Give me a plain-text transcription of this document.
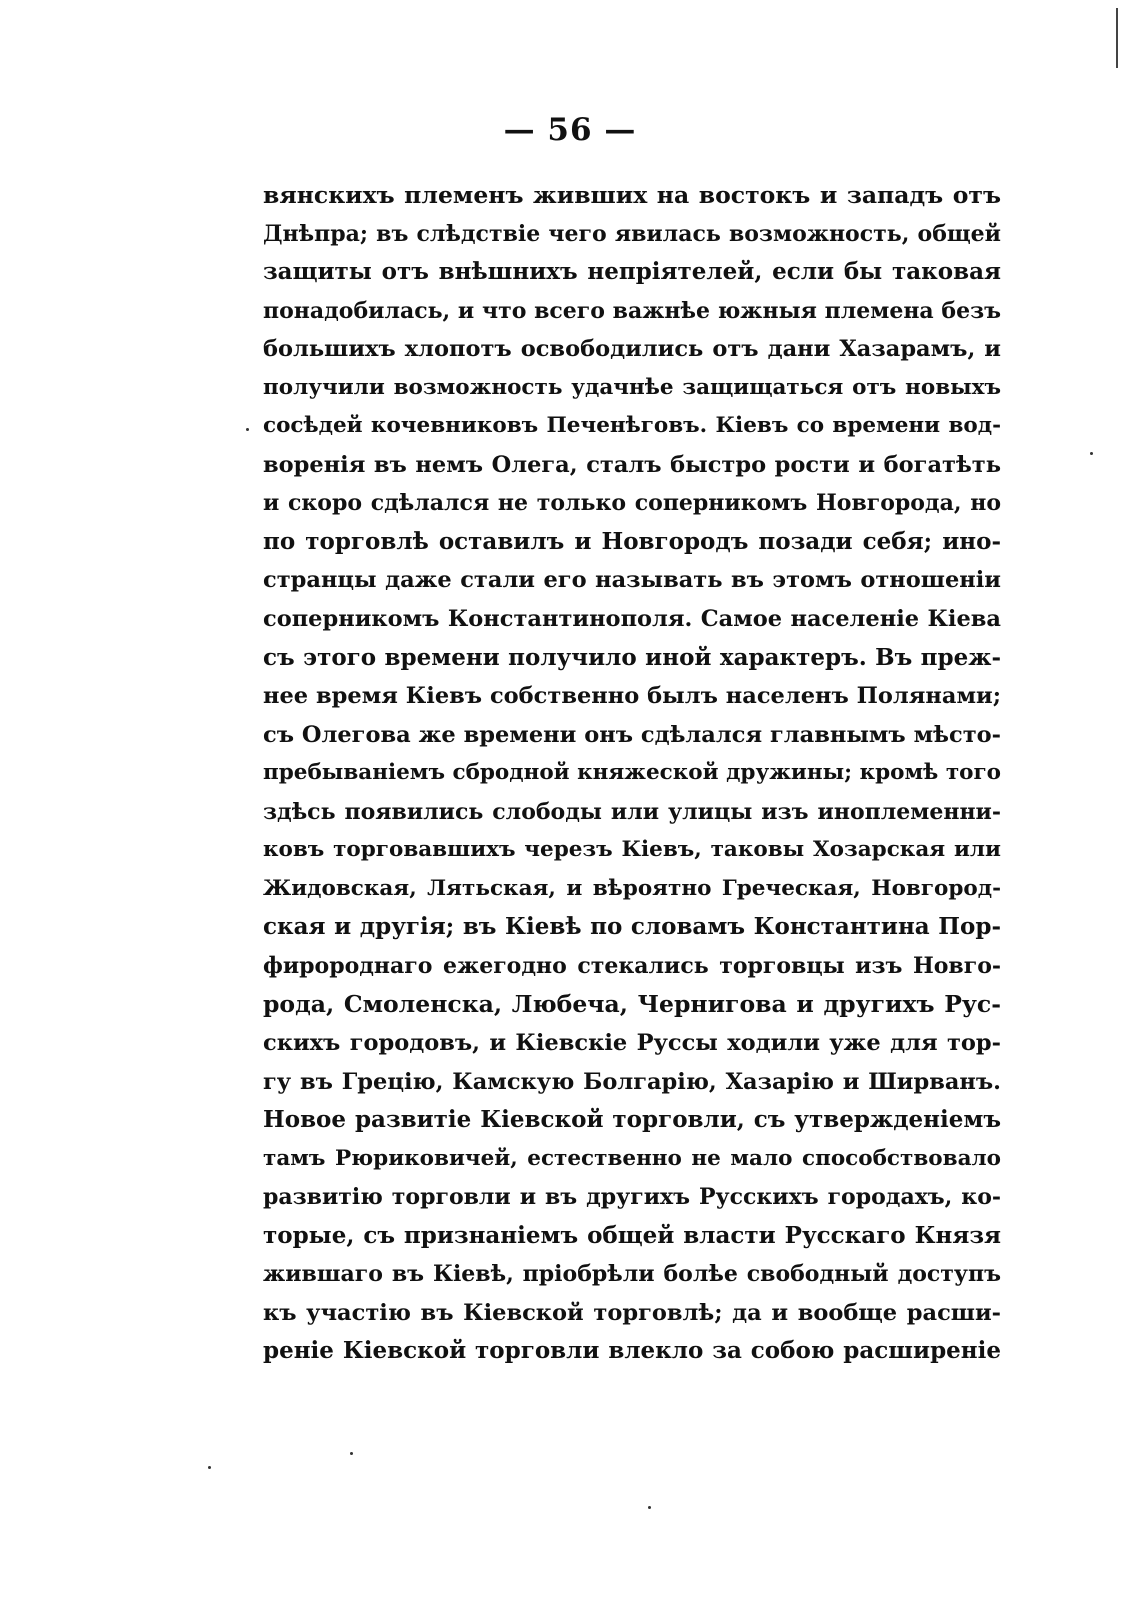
— 56 —
вянскихъ племенъ живших на востокъ и западъ отъ
Днѣпра; въ слѣдствіе чего явилась возможность, общей
защиты отъ внѣшнихъ непріятелей, если бы таковая
понадобилась, и что всего важнѣе южныя племена безъ
большихъ хлопотъ освободились отъ дани Хазарамъ, и
получили возможность удачнѣе защищаться отъ новыхъ
сосѣдей кочевниковъ Печенѣговъ. Кіевъ со времени вод-
воренія въ немъ Олега, сталъ быстро рости и богатѣть
и скоро сдѣлался не только соперникомъ Новгорода, но
по торговлѣ оставилъ и Новгородъ позади себя; ино-
странцы даже стали его называть въ этомъ отношеніи
соперникомъ Константинополя. Самое населеніе Кіева
съ этого времени получило иной характеръ. Въ преж-
нее время Кіевъ собственно былъ населенъ Полянами;
съ Олегова же времени онъ сдѣлался главнымъ мѣсто-
пребываніемъ сбродной княжеской дружины; кромѣ того
здѣсь появились слободы или улицы изъ иноплеменни-
ковъ торговавшихъ черезъ Кіевъ, таковы Хозарская или
Жидовская, Лятьская, и вѣроятно Греческая, Новгород-
ская и другія; въ Кіевѣ по словамъ Константина Пор-
фиророднаго ежегодно стекались торговцы изъ Новго-
рода, Смоленска, Любеча, Чернигова и другихъ Рус-
скихъ городовъ, и Кіевскіе Руссы ходили уже для тор-
гу въ Грецію, Камскую Болгарію, Хазарію и Ширванъ.
Новое развитіе Кіевской торговли, съ утвержденіемъ
тамъ Рюриковичей, естественно не мало способствовало
развитію торговли и въ другихъ Русскихъ городахъ, ко-
торые, съ признаніемъ общей власти Русскаго Князя
жившаго въ Кіевѣ, пріобрѣли болѣе свободный доступъ
къ участію въ Кіевской торговлѣ; да и вообще расши-
реніе Кіевской торговли влекло за собою расширеніе
